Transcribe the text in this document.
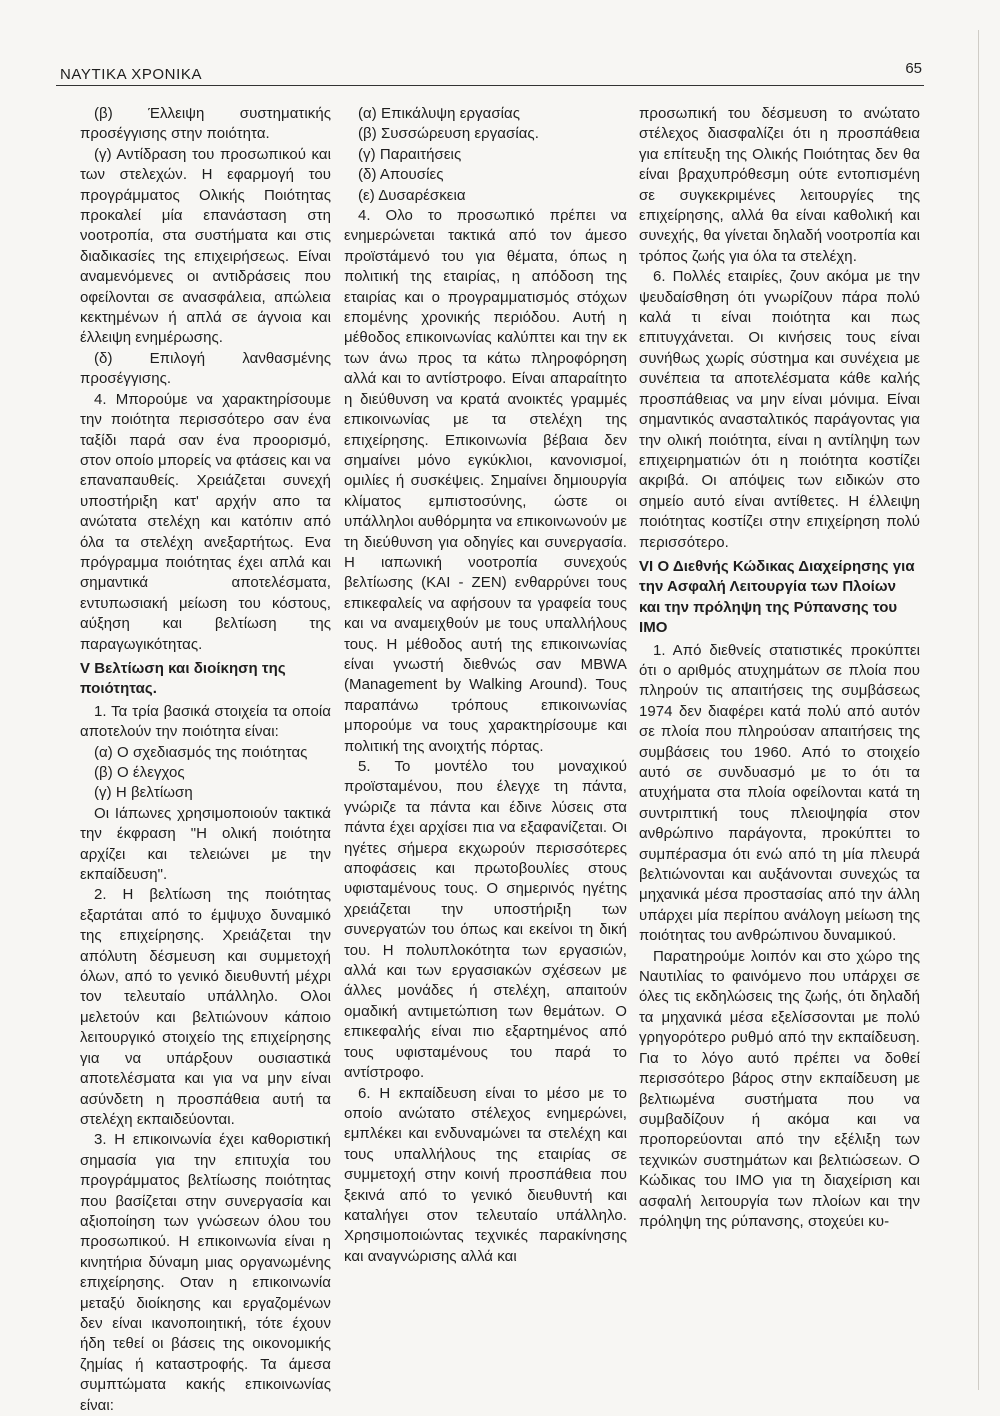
ΝΑΥΤΙΚΑ ΧΡΟΝΙΚΑ	65

(β) Έλλειψη συστηματικής προσέγγισης στην ποιότητα.

(γ) Αντίδραση του προσωπικού και των στελεχών. Η εφαρμογή του προγράμματος Ολικής Ποιότητας προκαλεί μία επανάσταση στη νοοτροπία, στα συστήματα και στις διαδικασίες της επιχειρήσεως. Είναι αναμενόμενες οι αντιδράσεις που οφείλονται σε ανασφάλεια, απώλεια κεκτημένων ή απλά σε άγνοια και έλλειψη ενημέρωσης.

(δ) Επιλογή λανθασμένης προσέγγισης.

4. Μπορούμε να χαρακτηρίσουμε την ποιότητα περισσότερο σαν ένα ταξίδι παρά σαν ένα προορισμό, στον οποίο μπορείς να φτάσεις και να επαναπαυθείς. Χρειάζεται συνεχή υποστήριξη κατ' αρχήν απο τα ανώτατα στελέχη και κατόπιν από όλα τα στελέχη ανεξαρτήτως. Ενα πρόγραμμα ποιότητας έχει απλά και σημαντικά αποτελέσματα, εντυπωσιακή μείωση του κόστους, αύξηση και βελτίωση της παραγωγικότητας.

V Βελτίωση και διοίκηση της ποιότητας.

1. Τα τρία βασικά στοιχεία τα οποία αποτελούν την ποιότητα είναι:

(α) Ο σχεδιασμός της ποιότητας

(β) Ο έλεγχος

(γ) Η βελτίωση

Οι Ιάπωνες χρησιμοποιούν τακτικά την έκφραση "Η ολική ποιότητα αρχίζει και τελειώνει με την εκπαίδευση".

2. Η βελτίωση της ποιότητας εξαρτάται από το έμψυχο δυναμικό της επιχείρησης. Χρειάζεται την απόλυτη δέσμευση και συμμετοχή όλων, από το γενικό διευθυντή μέχρι τον τελευταίο υπάλληλο. Ολοι μελετούν και βελτιώνουν κάποιο λειτουργικό στοιχείο της επιχείρησης για να υπάρξουν ουσιαστικά αποτελέσματα και για να μην είναι ασύνδετη η προσπάθεια αυτή τα στελέχη εκπαιδεύονται.

3. Η επικοινωνία έχει καθοριστική σημασία για την επιτυχία του προγράμματος βελτίωσης ποιότητας που βασίζεται στην συνεργασία και αξιοποίηση των γνώσεων όλου του προσωπικού. Η επικοινωνία είναι η κινητήρια δύναμη μιας οργανωμένης επιχείρησης. Οταν η επικοινωνία μεταξύ διοίκησης και εργαζομένων δεν είναι ικανοποιητική, τότε έχουν ήδη τεθεί οι βάσεις της οικονομικής ζημίας ή καταστροφής. Τα άμεσα συμπτώματα κακής επικοινωνίας είναι:

(α) Επικάλυψη εργασίας

(β) Συσσώρευση εργασίας.

(γ) Παραιτήσεις

(δ) Απουσίες

(ε) Δυσαρέσκεια

4. Ολο το προσωπικό πρέπει να ενημερώνεται τακτικά από τον άμεσο προϊστάμενό του για θέματα, όπως η πολιτική της εταιρίας, η απόδοση της εταιρίας και ο προγραμματισμός στόχων επομένης χρονικής περιόδου. Αυτή η μέθοδος επικοινωνίας καλύπτει και την εκ των άνω προς τα κάτω πληροφόρηση αλλά και το αντίστροφο. Είναι απαραίτητο η διεύθυνση να κρατά ανοικτές γραμμές επικοινωνίας με τα στελέχη της επιχείρησης. Επικοινωνία βέβαια δεν σημαίνει μόνο εγκύκλιοι, κανονισμοί, ομιλίες ή συσκέψεις. Σημαίνει δημιουργία κλίματος εμπιστοσύνης, ώστε οι υπάλληλοι αυθόρμητα να επικοινωνούν με τη διεύθυνση για οδηγίες και συνεργασία. Η ιαπωνική νοοτροπία συνεχούς βελτίωσης (ΚΑΙ - ΖΕΝ) ενθαρρύνει τους επικεφαλείς να αφήσουν τα γραφεία τους και να αναμειχθούν με τους υπαλλήλους τους. Η μέθοδος αυτή της επικοινωνίας είναι γνωστή διεθνώς σαν MBWA (Management by Walking Around). Τους παραπάνω τρόπους επικοινωνίας μπορούμε να τους χαρακτηρίσουμε και πολιτική της ανοιχτής πόρτας.

5. Το μοντέλο του μοναχικού προϊσταμένου, που έλεγχε τη πάντα, γνώριζε τα πάντα και έδινε λύσεις στα πάντα έχει αρχίσει πια να εξαφανίζεται. Οι ηγέτες σήμερα εκχωρούν περισσότερες αποφάσεις και πρωτοβουλίες στους υφισταμένους τους. Ο σημερινός ηγέτης χρειάζεται την υποστήριξη των συνεργατών του όπως και εκείνοι τη δική του. Η πολυπλοκότητα των εργασιών, αλλά και των εργασιακών σχέσεων με άλλες μονάδες ή στελέχη, απαιτούν ομαδική αντιμετώπιση των θεμάτων. Ο επικεφαλής είναι πιο εξαρτημένος από τους υφισταμένους του παρά το αντίστροφο.

6. Η εκπαίδευση είναι το μέσο με το οποίο ανώτατο στέλεχος ενημερώνει, εμπλέκει και ενδυναμώνει τα στελέχη και τους υπαλλήλους της εταιρίας σε συμμετοχή στην κοινή προσπάθεια που ξεκινά από το γενικό διευθυντή και καταλήγει στον τελευταίο υπάλληλο. Χρησιμοποιώντας τεχνικές παρακίνησης και αναγνώρισης αλλά και

προσωπική του δέσμευση το ανώτατο στέλεχος διασφαλίζει ότι η προσπάθεια για επίτευξη της Ολικής Ποιότητας δεν θα είναι βραχυπρόθεσμη ούτε εντοπισμένη σε συγκεκριμένες λειτουργίες της επιχείρησης, αλλά θα είναι καθολική και συνεχής, θα γίνεται δηλαδή νοοτροπία και τρόπος ζωής για όλα τα στελέχη.

6. Πολλές εταιρίες, ζουν ακόμα με την ψευδαίσθηση ότι γνωρίζουν πάρα πολύ καλά τι είναι ποιότητα και πως επιτυγχάνεται. Οι κινήσεις τους είναι συνήθως χωρίς σύστημα και συνέχεια με συνέπεια τα αποτελέσματα κάθε καλής προσπάθειας να μην είναι μόνιμα. Είναι σημαντικός ανασταλτικός παράγοντας για την ολική ποιότητα, είναι η αντίληψη των επιχειρηματιών ότι η ποιότητα κοστίζει ακριβά. Οι απόψεις των ειδικών στο σημείο αυτό είναι αντίθετες. Η έλλειψη ποιότητας κοστίζει στην επιχείρηση πολύ περισσότερο.

VI Ο Διεθνής Κώδικας Διαχείρησης για την Ασφαλή Λειτουργία των Πλοίων και την πρόληψη της Ρύπανσης του IMO

1. Από διεθνείς στατιστικές προκύπτει ότι ο αριθμός ατυχημάτων σε πλοία που πληρούν τις απαιτήσεις της συμβάσεως 1974 δεν διαφέρει κατά πολύ από αυτόν σε πλοία που πληρούσαν απαιτήσεις της συμβάσεις του 1960. Από το στοιχείο αυτό σε συνδυασμό με το ότι τα ατυχήματα στα πλοία οφείλονται κατά τη συντριπτική τους πλειοψηφία στον ανθρώπινο παράγοντα, προκύπτει το συμπέρασμα ότι ενώ από τη μία πλευρά βελτιώνονται και αυξάνονται συνεχώς τα μηχανικά μέσα προστασίας από την άλλη υπάρχει μία περίπου ανάλογη μείωση της ποιότητας του ανθρώπινου δυναμικού.

Παρατηρούμε λοιπόν και στο χώρο της Ναυτιλίας το φαινόμενο που υπάρχει σε όλες τις εκδηλώσεις της ζωής, ότι δηλαδή τα μηχανικά μέσα εξελίσσονται με πολύ γρηγορότερο ρυθμό από την εκπαίδευση. Για το λόγο αυτό πρέπει να δοθεί περισσότερο βάρος στην εκπαίδευση με βελτιωμένα συστήματα που να συμβαδίζουν ή ακόμα και να προπορεύονται από την εξέλιξη των τεχνικών συστημάτων και βελτιώσεων. Ο Κώδικας του IMO για τη διαχείριση και ασφαλή λειτουργία των πλοίων και την πρόληψη της ρύπανσης, στοχεύει κυ-
